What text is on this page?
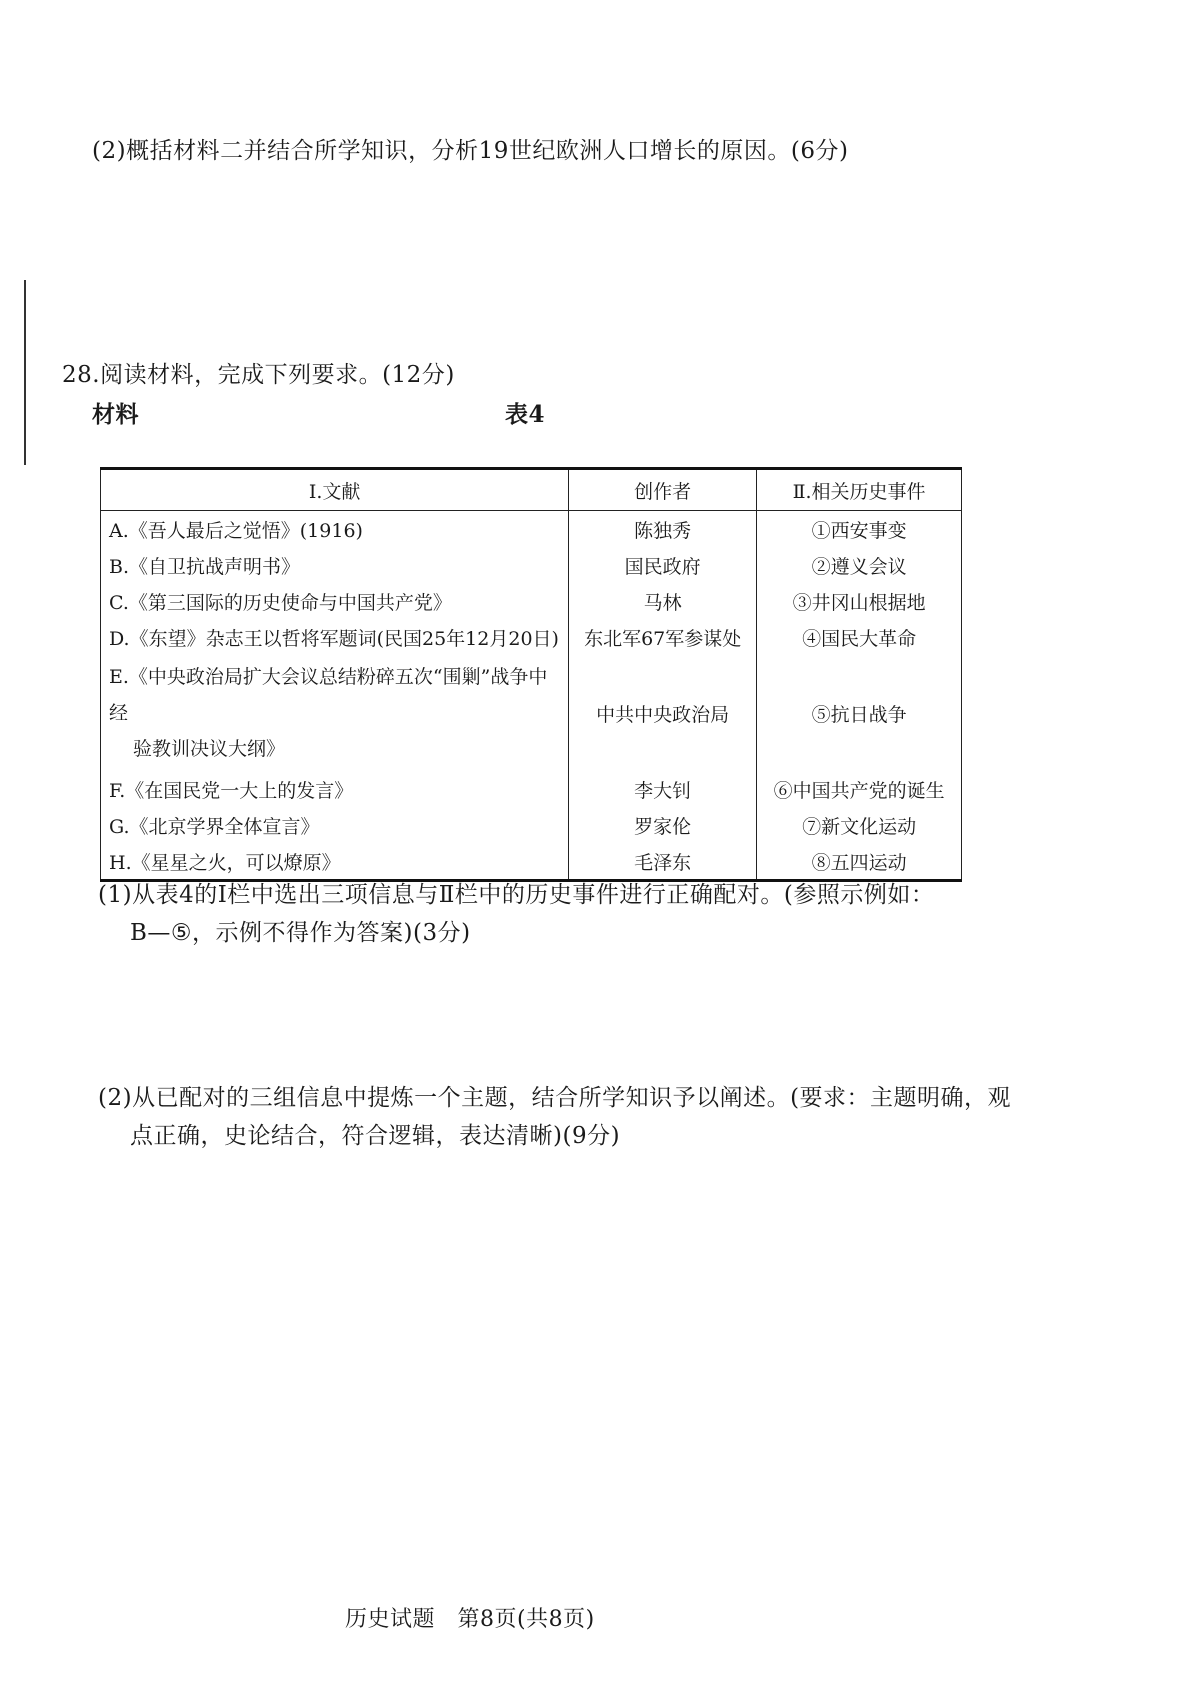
(2)概括材料二并结合所学知识，分析19世纪欧洲人口增长的原因。(6分)
28.阅读材料，完成下列要求。(12分)
材料	表4
Ⅰ.文献	创作者	Ⅱ.相关历史事件
A.《吾人最后之觉悟》(1916)	陈独秀	①西安事变
B.《自卫抗战声明书》	国民政府	②遵义会议
C.《第三国际的历史使命与中国共产党》	马林	③井冈山根据地
D.《东望》杂志王以哲将军题词(民国25年12月20日)	东北军67军参谋处	④国民大革命

E.《中央政治局扩大会议总结粉碎五次“围剿”战争中经
验教训决议大纲》	中共中央政治局	⑤抗日战争
F.《在国民党一大上的发言》	李大钊	⑥中国共产党的诞生
G.《北京学界全体宣言》	罗家伦	⑦新文化运动
H.《星星之火，可以燎原》	毛泽东	⑧五四运动
(1)从表4的Ⅰ栏中选出三项信息与Ⅱ栏中的历史事件进行正确配对。(参照示例如：
B—⑤，示例不得作为答案)(3分)
(2)从已配对的三组信息中提炼一个主题，结合所学知识予以阐述。(要求：主题明确，观
点正确，史论结合，符合逻辑，表达清晰)(9分)
历史试题　第8页(共8页)
